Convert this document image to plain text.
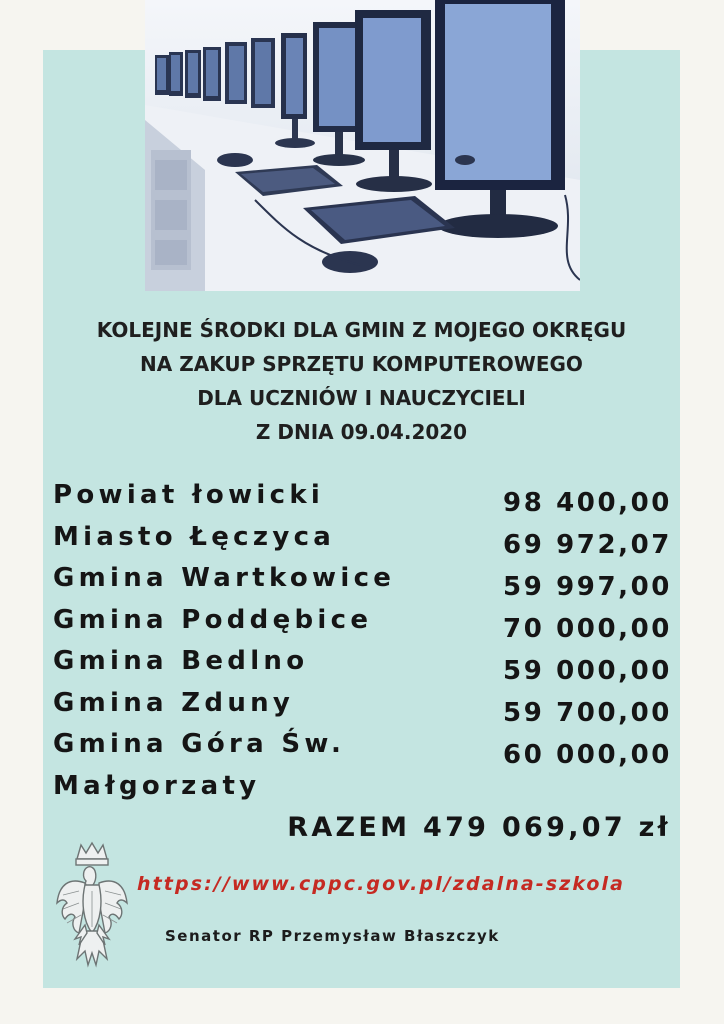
KOLEJNE ŚRODKI DLA GMIN Z MOJEGO OKRĘGU
NA ZAKUP SPRZĘTU KOMPUTEROWEGO
DLA UCZNIÓW I NAUCZYCIELI
Z DNIA 09.04.2020
Powiat łowicki
Miasto Łęczyca
Gmina Wartkowice
Gmina Poddębice
Gmina Bedlno
Gmina Zduny
Gmina Góra Św.
Małgorzaty
98 400,00
69 972,07
59 997,00
70 000,00
59 000,00
59 700,00
60 000,00
RAZEM 479 069,07 zł
https://www.cppc.gov.pl/zdalna-szkola
Senator RP Przemysław Błaszczyk
